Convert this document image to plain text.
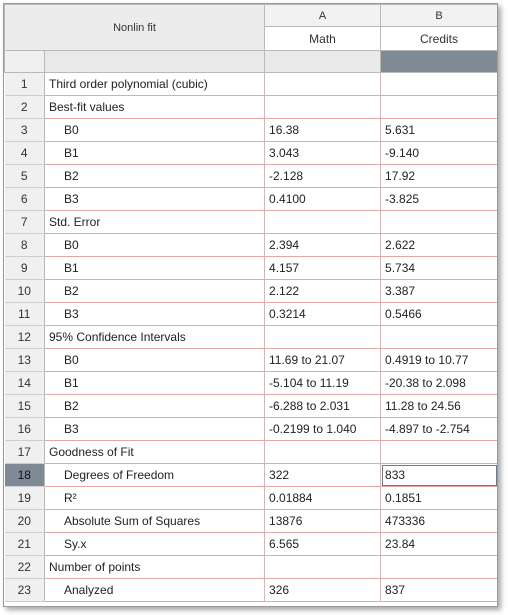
Nonlin fit		A	B
		Math	Credits

1	Third order polynomial (cubic)		
2	Best-fit values		
3	B0	16.38	5.631
4	B1	3.043	-9.140
5	B2	-2.128	17.92
6	B3	0.4100	-3.825
7	Std. Error		
8	B0	2.394	2.622
9	B1	4.157	5.734
10	B2	2.122	3.387
11	B3	0.3214	0.5466
12	95% Confidence Intervals		
13	B0	11.69 to 21.07	0.4919 to 10.77
14	B1	-5.104 to 11.19	-20.38 to 2.098
15	B2	-6.288 to 2.031	11.28 to 24.56
16	B3	-0.2199 to 1.040	-4.897 to -2.754
17	Goodness of Fit		
18	Degrees of Freedom	322	833
19	R²	0.01884	0.1851
20	Absolute Sum of Squares	13876	473336
21	Sy.x	6.565	23.84
22	Number of points		
23	Analyzed	326	837
